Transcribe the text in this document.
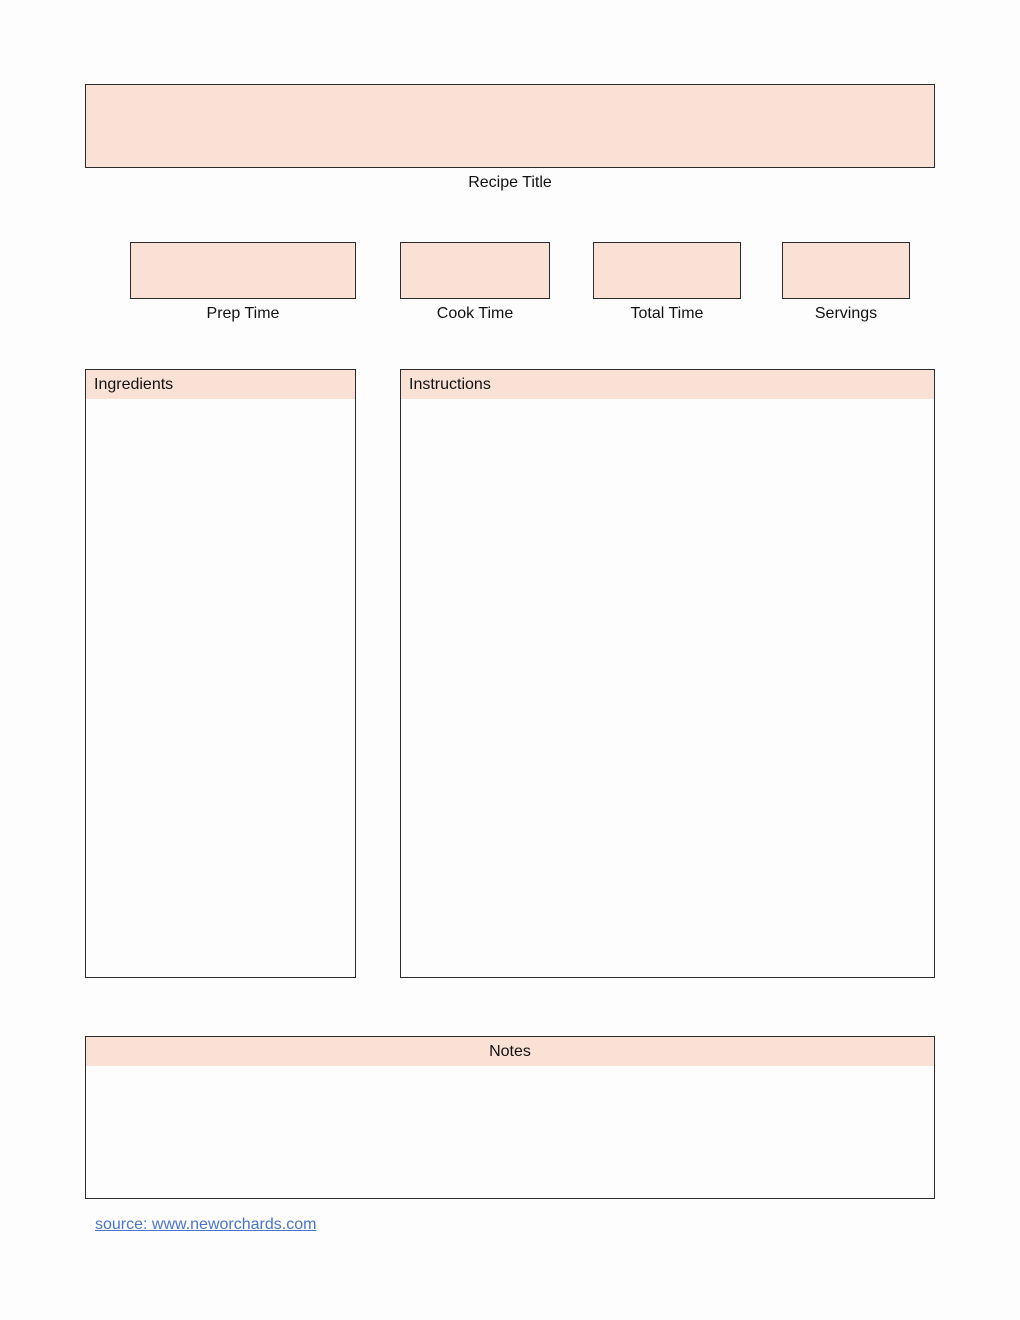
Recipe Title
Prep Time	Cook Time	Total Time	Servings
Ingredients	Instructions
Notes
source: www.neworchards.com
